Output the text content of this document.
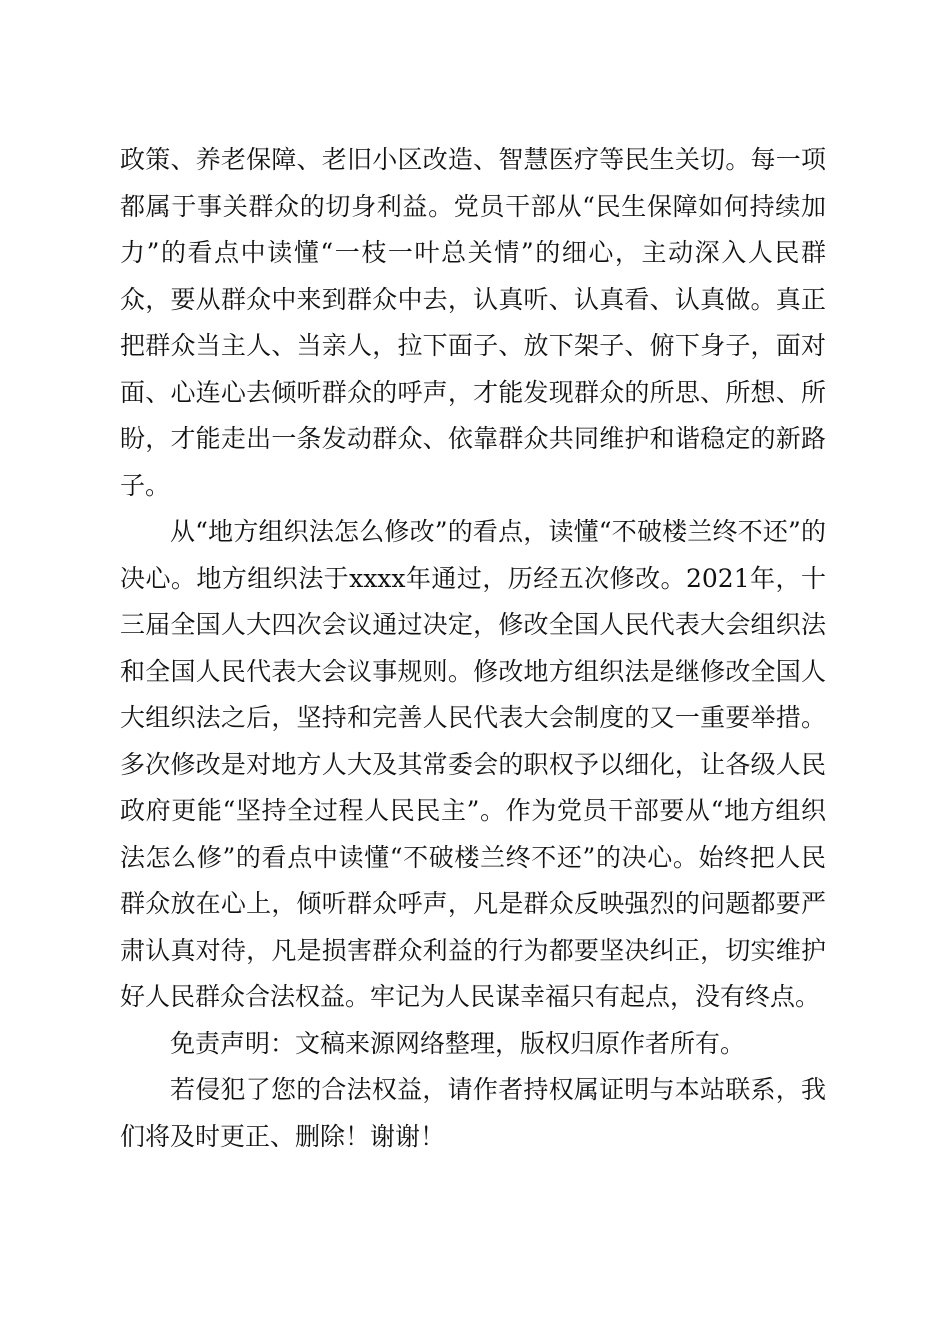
政策、养老保障、老旧小区改造、智慧医疗等民生关切。每一项都属于事关群众的切身利益。党员干部从“民生保障如何持续加力”的看点中读懂“一枝一叶总关情”的细心，主动深入人民群众，要从群众中来到群众中去，认真听、认真看、认真做。真正把群众当主人、当亲人，拉下面子、放下架子、俯下身子，面对面、心连心去倾听群众的呼声，才能发现群众的所思、所想、所盼，才能走出一条发动群众、依靠群众共同维护和谐稳定的新路子。

从“地方组织法怎么修改”的看点，读懂“不破楼兰终不还”的决心。地方组织法于xxxx年通过，历经五次修改。2021年，十三届全国人大四次会议通过决定，修改全国人民代表大会组织法和全国人民代表大会议事规则。修改地方组织法是继修改全国人大组织法之后，坚持和完善人民代表大会制度的又一重要举措。多次修改是对地方人大及其常委会的职权予以细化，让各级人民政府更能“坚持全过程人民民主”。作为党员干部要从“地方组织法怎么修”的看点中读懂“不破楼兰终不还”的决心。始终把人民群众放在心上，倾听群众呼声，凡是群众反映强烈的问题都要严肃认真对待，凡是损害群众利益的行为都要坚决纠正，切实维护好人民群众合法权益。牢记为人民谋幸福只有起点，没有终点。

免责声明：文稿来源网络整理，版权归原作者所有。

若侵犯了您的合法权益，请作者持权属证明与本站联系，我们将及时更正、删除！谢谢！
